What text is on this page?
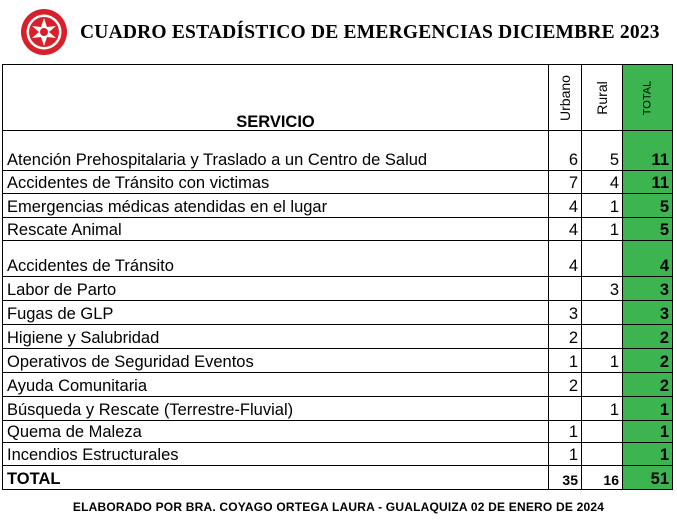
CUADRO ESTADÍSTICO DE EMERGENCIAS DICIEMBRE 2023
SERVICIO	Urbano	Rural	TOTAL

Atención Prehospitalaria y Traslado a un Centro de Salud	6	5	11
Accidentes de Tránsito con victimas	7	4	11
Emergencias médicas atendidas en el lugar	4	1	5
Rescate Animal	4	1	5
Accidentes de Tránsito	4		4
Labor de Parto		3	3
Fugas de GLP	3		3
Higiene y Salubridad	2		2
Operativos de Seguridad Eventos	1	1	2
Ayuda Comunitaria	2		2
Búsqueda y Rescate (Terrestre-Fluvial)		1	1
Quema de Maleza	1		1
Incendios Estructurales	1		1
TOTAL	35	16	51
ELABORADO POR BRA. COYAGO ORTEGA LAURA - GUALAQUIZA 02 DE ENERO DE 2024
